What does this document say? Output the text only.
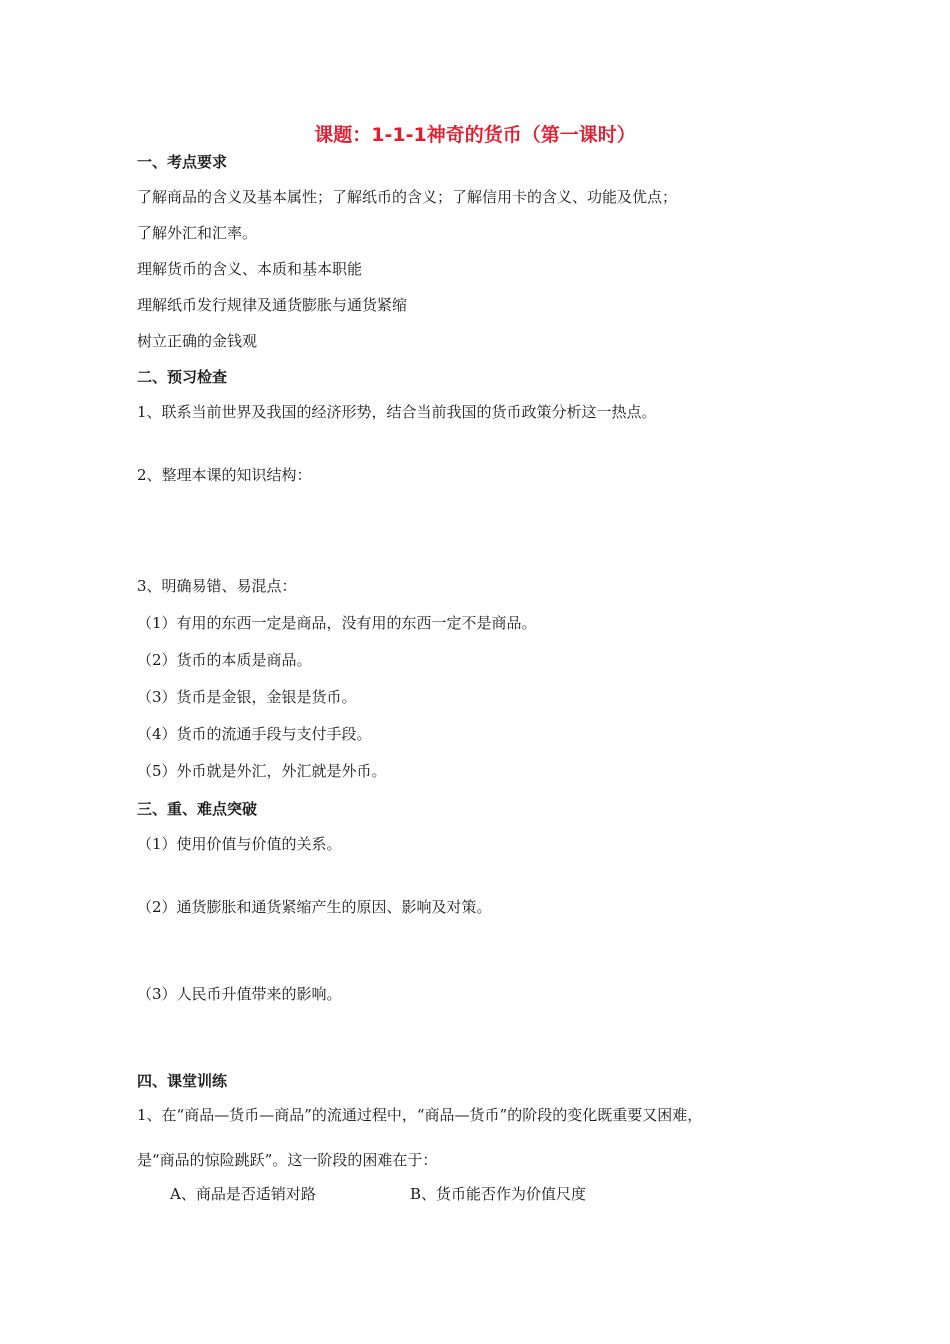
课题：1-1-1神奇的货币（第一课时）
一、考点要求
了解商品的含义及基本属性；了解纸币的含义；了解信用卡的含义、功能及优点；
了解外汇和汇率。
理解货币的含义、本质和基本职能
理解纸币发行规律及通货膨胀与通货紧缩
树立正确的金钱观
二、预习检查
1、联系当前世界及我国的经济形势，结合当前我国的货币政策分析这一热点。
2、整理本课的知识结构：
3、明确易错、易混点：
（1）有用的东西一定是商品，没有用的东西一定不是商品。
（2）货币的本质是商品。
（3）货币是金银，金银是货币。
（4）货币的流通手段与支付手段。
（5）外币就是外汇，外汇就是外币。
三、重、难点突破
（1）使用价值与价值的关系。
（2）通货膨胀和通货紧缩产生的原因、影响及对策。
（3）人民币升值带来的影响。
四、课堂训练
1、在“商品—货币—商品”的流通过程中，“商品—货币”的阶段的变化既重要又困难，
是“商品的惊险跳跃”。这一阶段的困难在于：
A、商品是否适销对路	B、货币能否作为价值尺度
